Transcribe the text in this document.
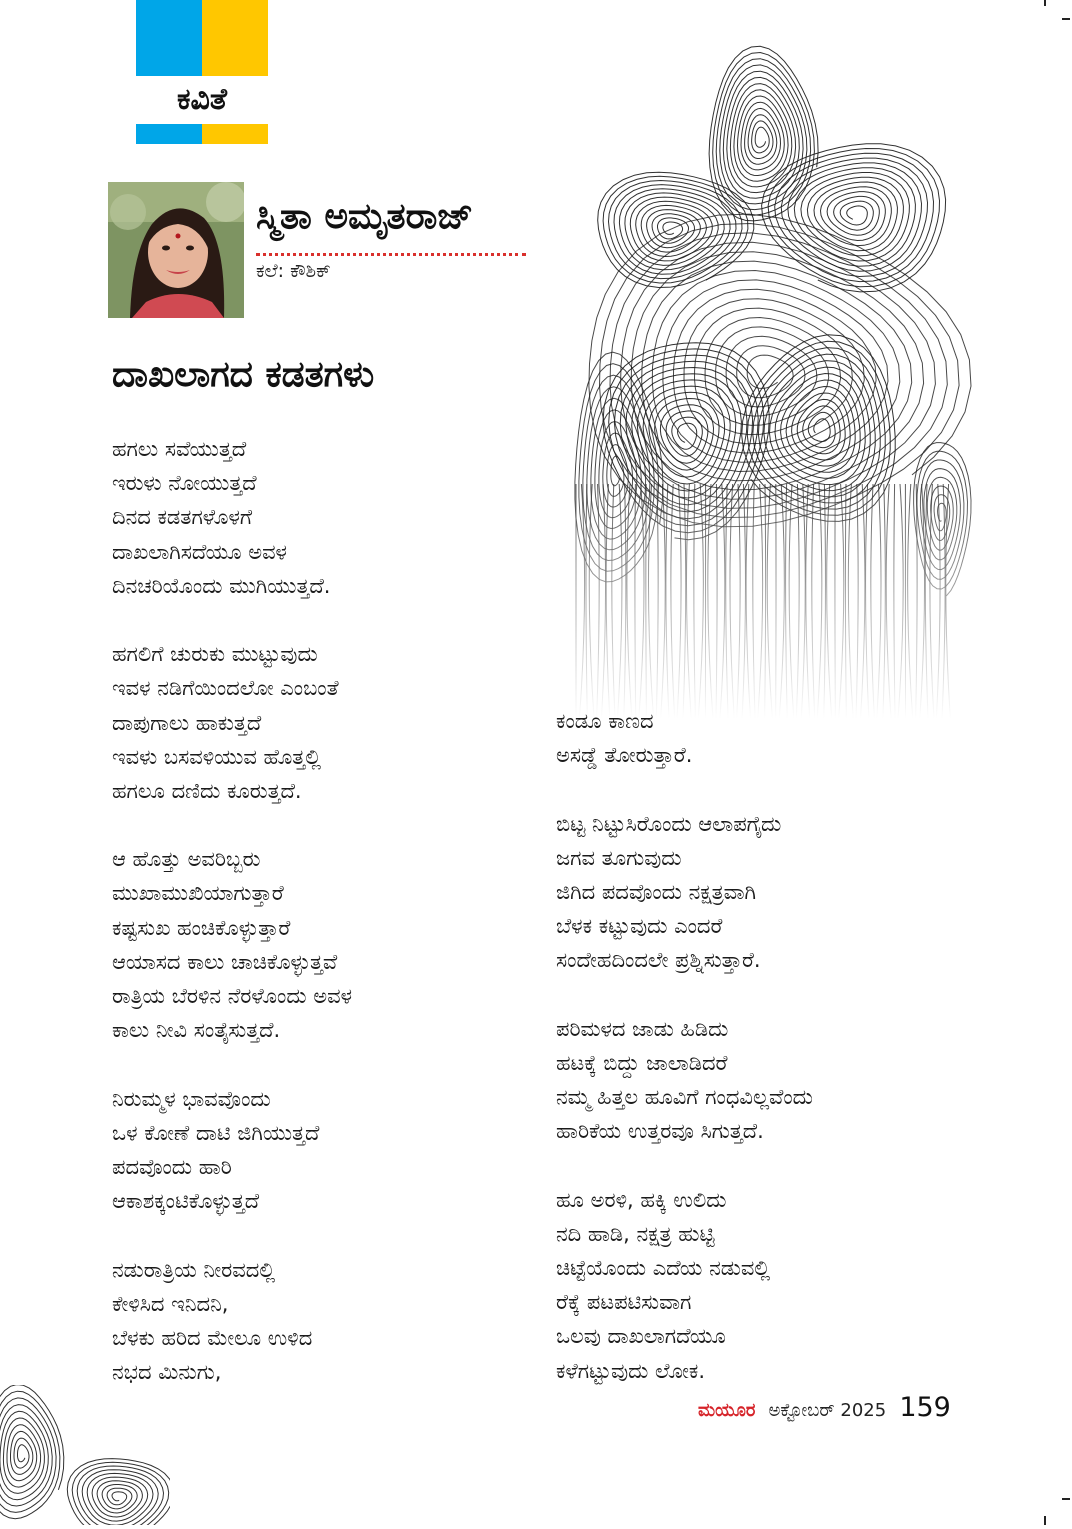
ಕವಿತೆ
ಸ್ಮಿತಾ ಅಮೃತರಾಜ್
ಕಲೆ: ಕೌಶಿಕ್
ದಾಖಲಾಗದ ಕಡತಗಳು
ಹಗಲು ಸವೆಯುತ್ತದೆ
ಇರುಳು ನೋಯುತ್ತದೆ
ದಿನದ ಕಡತಗಳೊಳಗೆ
ದಾಖಲಾಗಿಸದೆಯೂ ಅವಳ
ದಿನಚರಿಯೊಂದು ಮುಗಿಯುತ್ತದೆ.
ಹಗಲಿಗೆ ಚುರುಕು ಮುಟ್ಟುವುದು
ಇವಳ ನಡಿಗೆಯಿಂದಲೋ ಎಂಬಂತೆ
ದಾಪುಗಾಲು ಹಾಕುತ್ತದೆ
ಇವಳು ಬಸವಳಿಯುವ ಹೊತ್ತಲ್ಲಿ
ಹಗಲೂ ದಣಿದು ಕೂರುತ್ತದೆ.
ಆ ಹೊತ್ತು ಅವರಿಬ್ಬರು
ಮುಖಾಮುಖಿಯಾಗುತ್ತಾರೆ
ಕಷ್ಟಸುಖ ಹಂಚಿಕೊಳ್ಳುತ್ತಾರೆ
ಆಯಾಸದ ಕಾಲು ಚಾಚಿಕೊಳ್ಳುತ್ತವೆ
ರಾತ್ರಿಯ ಬೆರಳಿನ ನೆರಳೊಂದು ಅವಳ
ಕಾಲು ನೀವಿ ಸಂತೈಸುತ್ತದೆ.
ನಿರುಮ್ಮಳ ಭಾವವೊಂದು
ಒಳ ಕೋಣೆ ದಾಟಿ ಜಿಗಿಯುತ್ತದೆ
ಪದವೊಂದು ಹಾರಿ
ಆಕಾಶಕ್ಕಂಟಿಕೊಳ್ಳುತ್ತದೆ
ನಡುರಾತ್ರಿಯ ನೀರವದಲ್ಲಿ
ಕೇಳಿಸಿದ ಇನಿದನಿ,
ಬೆಳಕು ಹರಿದ ಮೇಲೂ ಉಳಿದ
ನಭದ ಮಿನುಗು,
ಕಂಡೂ ಕಾಣದ
ಅಸಡ್ಡೆ ತೋರುತ್ತಾರೆ.
ಬಿಟ್ಟ ನಿಟ್ಟುಸಿರೊಂದು ಆಲಾಪಗೈದು
ಜಗವ ತೂಗುವುದು
ಜಿಗಿದ ಪದವೊಂದು ನಕ್ಷತ್ರವಾಗಿ
ಬೆಳಕ ಕಟ್ಟುವುದು ಎಂದರೆ
ಸಂದೇಹದಿಂದಲೇ ಪ್ರಶ್ನಿಸುತ್ತಾರೆ.
ಪರಿಮಳದ ಜಾಡು ಹಿಡಿದು
ಹಟಕ್ಕೆ ಬಿದ್ದು ಜಾಲಾಡಿದರೆ
ನಮ್ಮ ಹಿತ್ತಲ ಹೂವಿಗೆ ಗಂಧವಿಲ್ಲವೆಂದು
ಹಾರಿಕೆಯ ಉತ್ತರವೂ ಸಿಗುತ್ತದೆ.
ಹೂ ಅರಳಿ, ಹಕ್ಕಿ ಉಲಿದು
ನದಿ ಹಾಡಿ, ನಕ್ಷತ್ರ ಹುಟ್ಟಿ
ಚಿಟ್ಟೆಯೊಂದು ಎದೆಯ ನಡುವಲ್ಲಿ
ರೆಕ್ಕೆ ಪಟಪಟಿಸುವಾಗ
ಒಲವು ದಾಖಲಾಗದೆಯೂ
ಕಳೆಗಟ್ಟುವುದು ಲೋಕ.
ಮಯೂರ ಅಕ್ಟೋಬರ್ 2025 159
